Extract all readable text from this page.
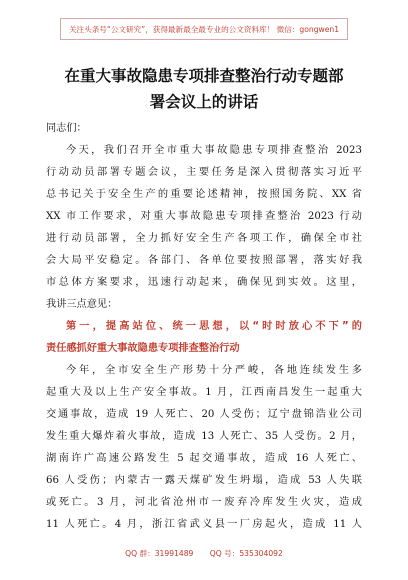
关注头条号“公文研究”，获得最新最全最专业的公文资料库！ 微信：gongwen1
在重大事故隐患专项排查整治行动专题部
署会议上的讲话
同志们：
今天，我们召开全市重大事故隐患专项排查整治 2023
行动动员部署专题会议，主要任务是深入贯彻落实习近平
总书记关于安全生产的重要论述精神，按照国务院、XX 省
XX 市工作要求，对重大事故隐患专项排查整治 2023 行动
进行动员部署，全力抓好安全生产各项工作，确保全市社
会大局平安稳定。各部门、各单位要按照部署，落实好我
市总体方案要求，迅速行动起来，确保见到实效。这里，
我讲三点意见：
第一，提高站位、统一思想，以“时时放心不下”的
责任感抓好重大事故隐患专项排查整治行动
今年，全市安全生产形势十分严峻，各地连续发生多
起重大及以上生产安全事故。1 月，江西南昌发生一起重大
交通事故，造成 19 人死亡、20 人受伤；辽宁盘锦浩业公司
发生重大爆炸着火事故，造成 13 人死亡、35 人受伤。2 月，
湖南许广高速公路发生 5 起交通事故，造成 16 人死亡、
66 人受伤；内蒙古一露天煤矿发生坍塌，造成 53 人失联
或死亡。3 月，河北省沧州市一废弃冷库发生火灾，造成
11 人死亡。4 月，浙江省武义县一厂房起火，造成 11 人
QQ 群：31991489 QQ 号：535304092
